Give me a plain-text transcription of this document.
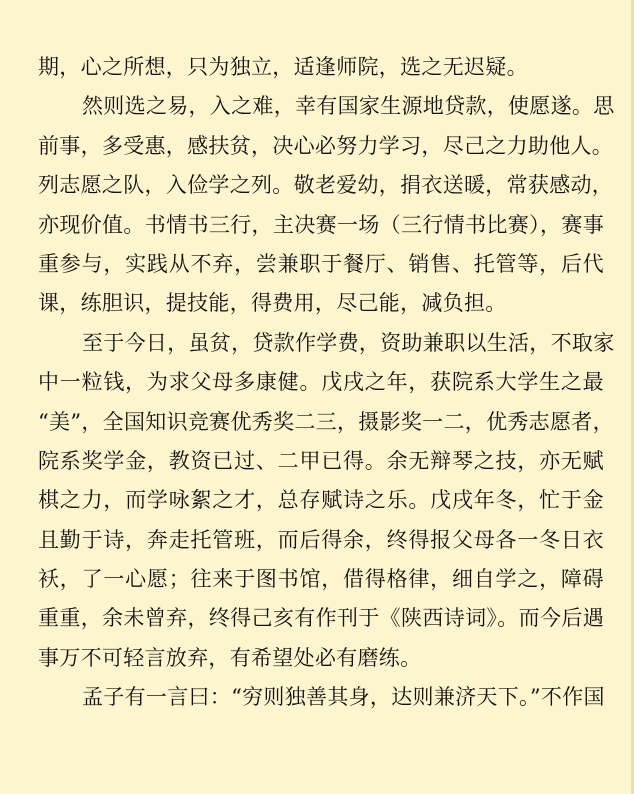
期，心之所想，只为独立，适逢师院，选之无迟疑。
然则选之易，入之难，幸有国家生源地贷款，使愿遂。思
前事，多受惠，感扶贫，决心必努力学习，尽己之力助他人。
列志愿之队，入俭学之列。敬老爱幼，捐衣送暖，常获感动，
亦现价值。书情书三行，主决赛一场（三行情书比赛），赛事
重参与，实践从不弃，尝兼职于餐厅、销售、托管等，后代
课，练胆识，提技能，得费用，尽己能，减负担。
至于今日，虽贫，贷款作学费，资助兼职以生活，不取家
中一粒钱，为求父母多康健。戊戌之年，获院系大学生之最
“美”，全国知识竞赛优秀奖二三，摄影奖一二，优秀志愿者，
院系奖学金，教资已过、二甲已得。余无辩琴之技，亦无赋
棋之力，而学咏絮之才，总存赋诗之乐。戊戌年冬，忙于金
且勤于诗，奔走托管班，而后得余，终得报父母各一冬日衣
袄，了一心愿；往来于图书馆，借得格律，细自学之，障碍
重重，余未曾弃，终得己亥有作刊于《陕西诗词》。而今后遇
事万不可轻言放弃，有希望处必有磨练。
孟子有一言曰：“穷则独善其身，达则兼济天下。”不作国
